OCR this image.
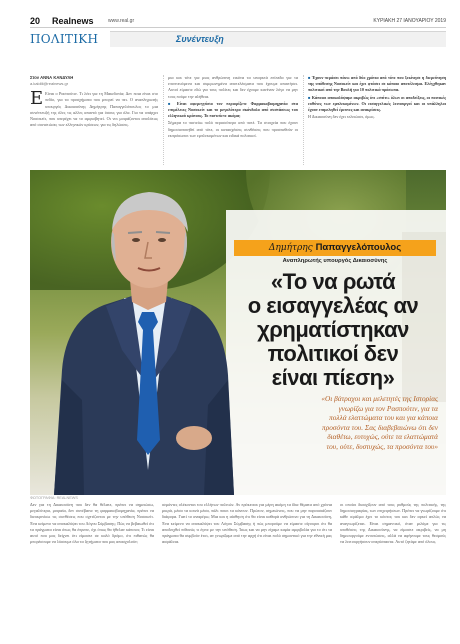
20 Realnews	www.real.gr	ΚΥΡΙΑΚΗ 27 ΙΑΝΟΥΑΡΙΟΥ 2019
ΠΟΛΙΤΙΚΗ	Συνέντευξη
Στον ΑΝΝΑ ΚΑΝΔΥΛΗ
a.kaldili@realnews.gr
Ε Είναι ο Ρασπούτιν. Τι λέει για τη Μακεδονία; Δεν ποια είναι στο πεδίο, για τα προσχήματα που μπορεί να πει. Ο αναπληρωτής υπουργός Δικαιοσύνης Δημήτρης Παπαγγελόπουλος το μια συνέντευξή της όλες τις αλλες απαντά για όσους για όλα. Για να υπάρχει Νοσοκείτ, που υπερέχει να το αμφισβητεί. Οι νοι μοιράζονται απολύτως από συνιστώσες των ελληνικών κρίσεων, για τις δηλώσεις.

μια και τότε για μιας ανθρώπινη εικόνα τα υπαρκτά επίπεδα για τα εποπτευόμενα και συμφωνημένα αποτελέσματα που έχουμε απαιτήσει. Αυτοί είμαστε εδώ για τους πολίτες και δεν έχουμε κανέναν λόγο να μην τους πούμε την αλήθεια.

■ Είναι αφερεγγύσιο τον περιορίζετε Φαρμακοβιομηχανία στα επιμέλειες Νοσοκείτ και το μεγαλύτερο σκάνδαλο από συστάσεως του ελληνικού κράτους. Το πιστεύετε ακόμα;

Σήμερα το πιστεύω πολύ περισσότερο από ποτέ. Τα στοιχεία που έχουν δημοσιοποιηθεί από τότε, οι κατασχέσεις συνθέσεις που προσπαθούν οι εκπρόσωποι των εμπλεκομένων και ειδικά πολιτικοί.

■ Έχουν περάσει πάνω από δύο χρόνια από τότε που ξεκίνησε η διερεύνηση της υπόθεσης Νοσοκείτ και έχει φτάσει σε κάποιο αποτέλεσμα. Ελέγχθηκαν πολιτικοί από την Βουλή για 10 πολιτικά πρόσωπα.

■ Κάποιοι αποκαλύψαμε ακριβώς ότι «σπίτι» όλων οι αποδείξεις, οι ποινικές ευθύνες των εμπλεκομένων. Οι εισαγγελικές λειτουργοί και οι υπάλληλοι έχουν επιμεληθεί έρευνες και ανακρίσεις.

Η Δικαιοσύνη δεν έχει τελειώσει, όμως.

Δημήτρης Παπαγγελόπουλος
Αναπληρωτής υπουργός Δικαιοσύνης
«Το να ρωτά
ο εισαγγελέας αν
χρηματίστηκαν
πολιτικοί δεν
είναι πίεση»
«Οι βάτραχοι και μελετητές της Ιστορίας
γνωρίζω για τον Ρασπούτιν, για τα
πολλά ελαττώματα του και για κάποια
προσόντα του. Σας διαβεβαιώνω ότι δεν
διαθέτω, ευτυχώς, ούτε τα ελαττώματά
του, ούτε, δυστυχώς, τα προσόντα του»
ΦΩΤΟΓΡΑΦΙΑ: REALNEWS

Δεν για τη Δικαιοσύνη που δεν θα θέλατε, πρέπει να σημειώσω, μεγαλύτερα, μοιραία, δεν συνέβαινε τη φαρμακοβιομηχανία, πρέπει να διευκρινίσω τις συνθέσεις που σχετίζονται με την υπόθεση Νοσοκείτ. Ένα κείμενο να αποκαλύψει του Λόγου Σύμβασης; Πώς να βεβαιωθεί ότι τα πράγματα είναι όπως θα έπρεπε, όχι όπως θα ήθελαν κάποιοι; Τι είναι αυτό που μας δείχνει ότι είμαστε σε καλό δρόμο, ότι πιθανώς θα μπορέσουμε να λύσουμε όλα τα ζητήματα που μας απασχολούν;

σεμάντες ολέκονται του ελλήνων πολιτών. Αν πρόκειται για μέρη ακόμη τα ίδια θέματα από χρόνια μικρά, μέσα τα κοινά μέσα, πάλι ποιοι τα κάνουν. Πρώτον, σημειώνεις, που να μην παρουσιάζουν διάφορα. Γιατί το αναφέρω; Μια και η αίσθηση ότι θα είναι καθαρά ανθρώπινο για τη Δικαιοσύνη, Ένα κείμενο να αποκαλύψει του Λόγου Σύμβασης ή πώς μπορούμε να είμαστε σίγουροι ότι θα αποδειχθεί πιθανώς τι έγινε με την υπόθεση. Ίσως και να μην είχαμε καμία αμφιβολία για το ότι τα πράγματα θα συμβούν έτσι, αν γνωρίζαμε από την αρχή ότι είναι πολύ σημαντικό για την εθνική μας ασφάλεια.

οι οποίοι διασχίζουν από τους ρυθμούς της πολιτικής, της δημοσιογραφίας, των επιχειρήσεων. Πρέπει να γνωρίζουμε ότι κάθε σφάλμα έχει το κόστος του και δεν αρκεί απλώς να αναγνωρίζεται. Είναι σημαντικό, όταν μιλάμε για τις υποθέσεις της Δικαιοσύνης, να είμαστε ακριβείς, να μη δημιουργούμε εντυπώσεις, αλλά να αφήνουμε τους θεσμούς να λειτουργήσουν απερίσπαστα. Αυτό ζητάμε από όλους.
